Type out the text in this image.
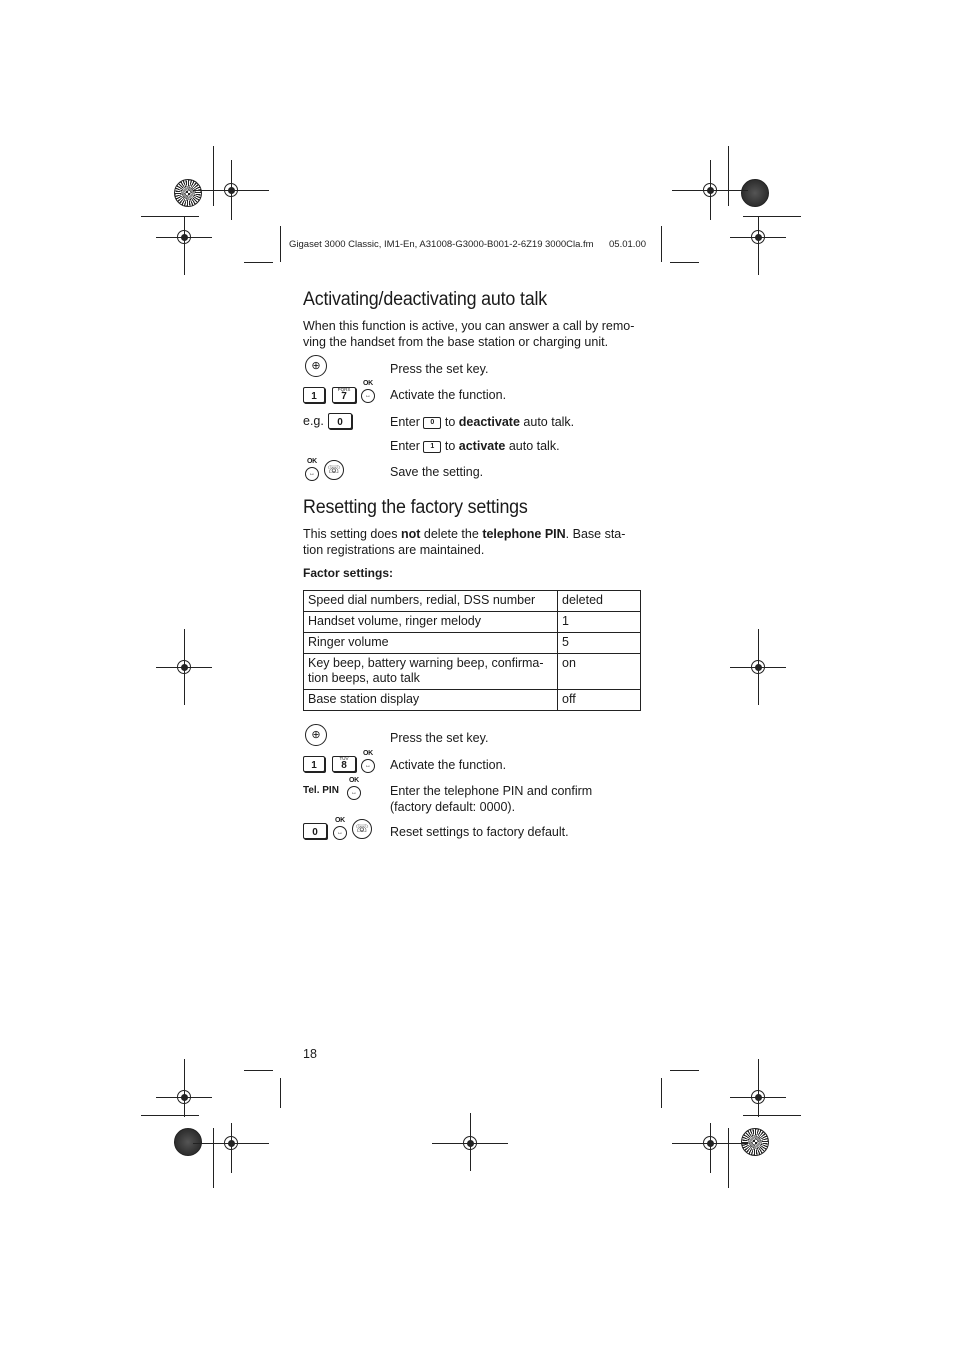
Gigaset 3000 Classic, IM1-En, A31008-G3000-B001-2-6Z19 3000Cla.fm 05.01.00
Activating/deactivating auto talk
When this function is active, you can answer a call by remo-
ving the handset from the base station or charging unit.
⊕	Press the set key.
1
PQRS
7
OK
↔	Activate the function.
e.g.	0	Enter 0 to deactivate auto talk.
Enter 1 to activate auto talk.
OK
↔	☏	Save the setting.
Resetting the factory settings
This setting does not delete the telephone PIN. Base sta-
tion registrations are maintained.
Factor settings:
Speed dial numbers, redial, DSS number	deleted
Handset volume, ringer melody	1
Ringer volume	5

Key beep, battery warning beep, confirma-
tion beeps, auto talk	on
Base station display	off
⊕	Press the set key.
1
TUV
8
OK
↔	Activate the function.
Tel. PIN
OK
↔	Enter the telephone PIN and confirm
(factory default: 0000).
0
OK
↔	☏ Reset settings to factory default.
18
